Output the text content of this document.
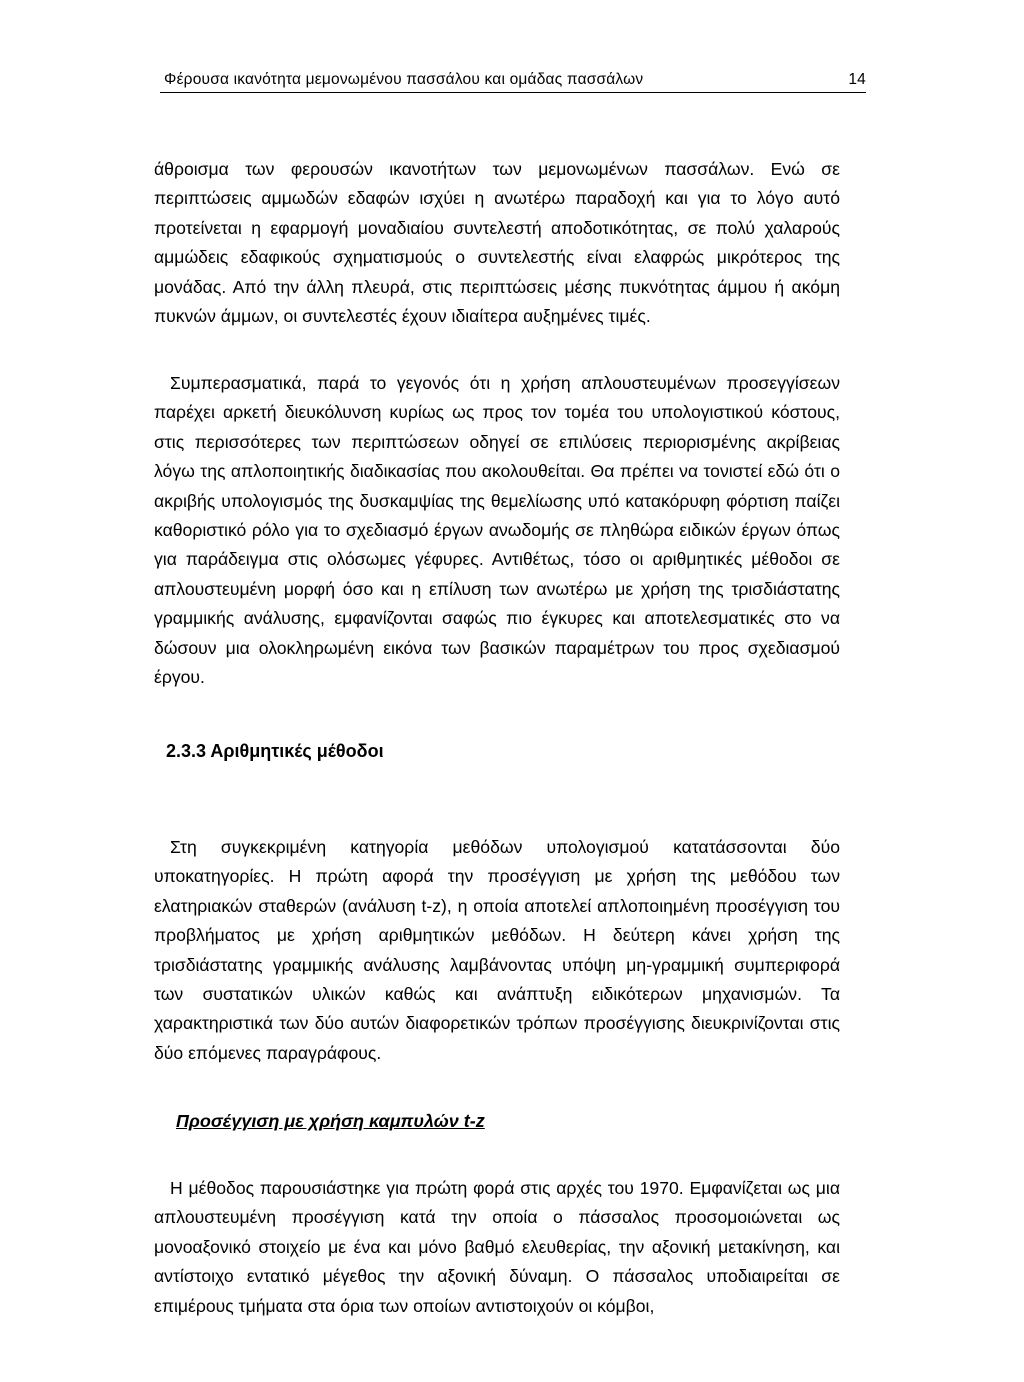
Φέρουσα ικανότητα μεμονωμένου πασσάλου και ομάδας πασσάλων	14

άθροισμα των φερουσών ικανοτήτων των μεμονωμένων πασσάλων. Ενώ σε περιπτώσεις αμμωδών εδαφών ισχύει η ανωτέρω παραδοχή και για το λόγο αυτό προτείνεται η εφαρμογή μοναδιαίου συντελεστή αποδοτικότητας, σε πολύ χαλαρούς αμμώδεις εδαφικούς σχηματισμούς ο συντελεστής είναι ελαφρώς μικρότερος της μονάδας. Από την άλλη πλευρά, στις περιπτώσεις μέσης πυκνότητας άμμου ή ακόμη πυκνών άμμων, οι συντελεστές έχουν ιδιαίτερα αυξημένες τιμές.

Συμπερασματικά, παρά το γεγονός ότι η χρήση απλουστευμένων προσεγγίσεων παρέχει αρκετή διευκόλυνση κυρίως ως προς τον τομέα του υπολογιστικού κόστους, στις περισσότερες των περιπτώσεων οδηγεί σε επιλύσεις περιορισμένης ακρίβειας λόγω της απλοποιητικής διαδικασίας που ακολουθείται. Θα πρέπει να τονιστεί εδώ ότι ο ακριβής υπολογισμός της δυσκαμψίας της θεμελίωσης υπό κατακόρυφη φόρτιση παίζει καθοριστικό ρόλο για το σχεδιασμό έργων ανωδομής σε πληθώρα ειδικών έργων όπως για παράδειγμα στις ολόσωμες γέφυρες. Αντιθέτως, τόσο οι αριθμητικές μέθοδοι σε απλουστευμένη μορφή όσο και η επίλυση των ανωτέρω με χρήση της τρισδιάστατης γραμμικής ανάλυσης, εμφανίζονται σαφώς πιο έγκυρες και αποτελεσματικές στο να δώσουν μια ολοκληρωμένη εικόνα των βασικών παραμέτρων του προς σχεδιασμού έργου.

2.3.3 Αριθμητικές μέθοδοι

Στη συγκεκριμένη κατηγορία μεθόδων υπολογισμού κατατάσσονται δύο υποκατηγορίες. Η πρώτη αφορά την προσέγγιση με χρήση της μεθόδου των ελατηριακών σταθερών (ανάλυση t-z), η οποία αποτελεί απλοποιημένη προσέγγιση του προβλήματος με χρήση αριθμητικών μεθόδων. Η δεύτερη κάνει χρήση της τρισδιάστατης γραμμικής ανάλυσης λαμβάνοντας υπόψη μη-γραμμική συμπεριφορά των συστατικών υλικών καθώς και ανάπτυξη ειδικότερων μηχανισμών. Τα χαρακτηριστικά των δύο αυτών διαφορετικών τρόπων προσέγγισης διευκρινίζονται στις δύο επόμενες παραγράφους.

Προσέγγιση με χρήση καμπυλών t-z

Η μέθοδος παρουσιάστηκε για πρώτη φορά στις αρχές του 1970. Εμφανίζεται ως μια απλουστευμένη προσέγγιση κατά την οποία ο πάσσαλος προσομοιώνεται ως μονοαξονικό στοιχείο με ένα και μόνο βαθμό ελευθερίας, την αξονική μετακίνηση, και αντίστοιχο εντατικό μέγεθος την αξονική δύναμη. Ο πάσσαλος υποδιαιρείται σε επιμέρους τμήματα στα όρια των οποίων αντιστοιχούν οι κόμβοι,
